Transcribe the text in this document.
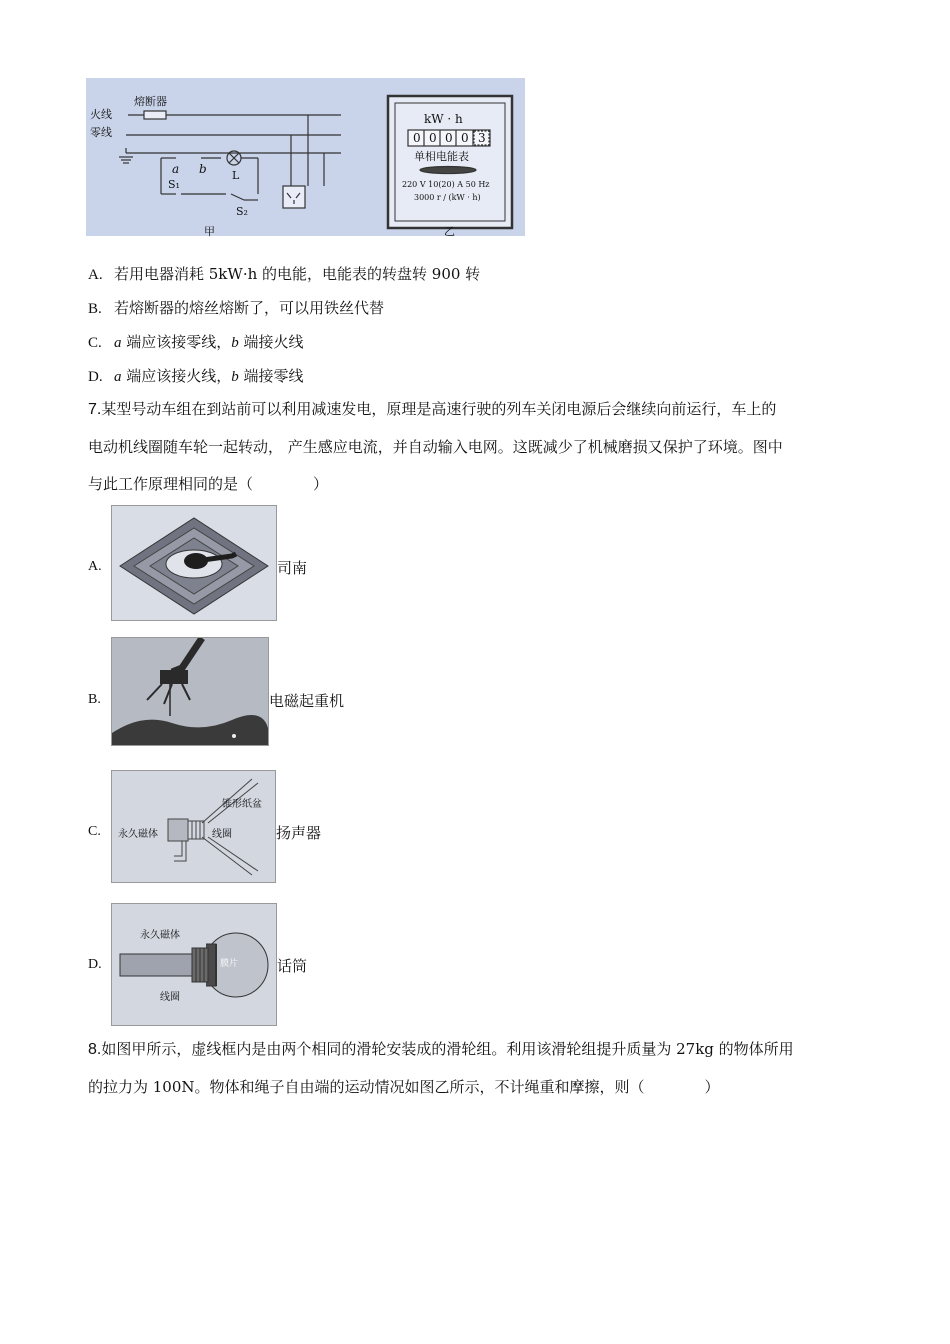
火线
零线
熔断器
a b L
S₁
S₂
甲
kW · h
0 0 0 0 3
单相电能表
220 V 10(20) A 50 Hz
3000 r / (kW · h)
乙
A. 若用电器消耗 5kW·h 的电能，电能表的转盘转 900 转
B. 若熔断器的熔丝熔断了，可以用铁丝代替
C. a 端应该接零线，b 端接火线
D. a 端应该接火线，b 端接零线
7.某型号动车组在到站前可以利用减速发电，原理是高速行驶的列车关闭电源后会继续向前运行，车上的
电动机线圈随车轮一起转动， 产生感应电流，并自动输入电网。这既减少了机械磨损又保护了环境。图中
与此工作原理相同的是（	）
A.	司南
B.	电磁起重机
C.
锥形纸盆
永久磁体	线圈	扬声器
D.
永久磁体
膜片
线圈
话筒
8.如图甲所示，虚线框内是由两个相同的滑轮安装成的滑轮组。利用该滑轮组提升质量为 27kg 的物体所用
的拉力为 100N。物体和绳子自由端的运动情况如图乙所示，不计绳重和摩擦，则（	）
